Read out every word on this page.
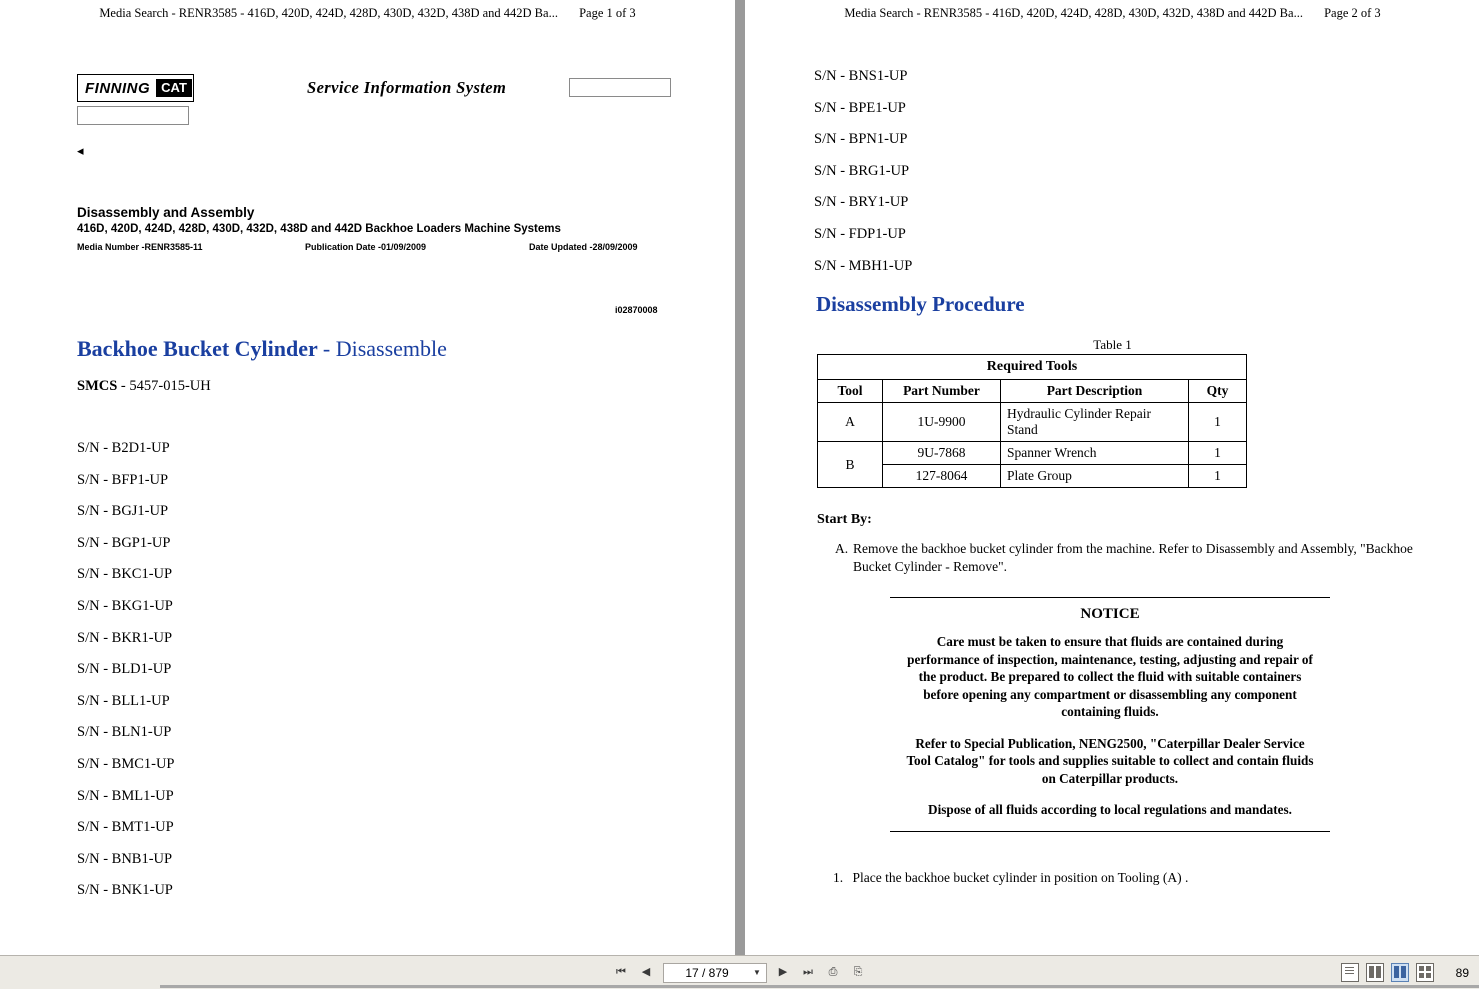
Media Search - RENR3585 - 416D, 420D, 424D, 428D, 430D, 432D, 438D and 442D Ba... Page 1 of 3
FINNING CAT	Service Information System
◂
Disassembly and Assembly
416D, 420D, 424D, 428D, 430D, 432D, 438D and 442D Backhoe Loaders Machine Systems
Media Number -RENR3585-11	Publication Date -01/09/2009	Date Updated -28/09/2009
i02870008
Backhoe Bucket Cylinder - Disassemble
SMCS - 5457-015-UH
S/N - B2D1-UP
S/N - BFP1-UP
S/N - BGJ1-UP
S/N - BGP1-UP
S/N - BKC1-UP
S/N - BKG1-UP
S/N - BKR1-UP
S/N - BLD1-UP
S/N - BLL1-UP
S/N - BLN1-UP
S/N - BMC1-UP
S/N - BML1-UP
S/N - BMT1-UP
S/N - BNB1-UP
S/N - BNK1-UP
Media Search - RENR3585 - 416D, 420D, 424D, 428D, 430D, 432D, 438D and 442D Ba... Page 2 of 3
S/N - BNS1-UP
S/N - BPE1-UP
S/N - BPN1-UP
S/N - BRG1-UP
S/N - BRY1-UP
S/N - FDP1-UP
S/N - MBH1-UP
Disassembly Procedure
Table 1
Required Tools			
Tool	Part Number	Part Description	Qty
A	1U-9900	Hydraulic Cylinder Repair Stand	1
B	9U-7868	Spanner Wrench	1
	127-8064	Plate Group	1
Start By:
A. Remove the backhoe bucket cylinder from the machine. Refer to Disassembly and Assembly, "Backhoe Bucket Cylinder - Remove".
NOTICE
Care must be taken to ensure that fluids are contained during performance of inspection, maintenance, testing, adjusting and repair of the product. Be prepared to collect the fluid with suitable containers before opening any compartment or disassembling any component containing fluids.
Refer to Special Publication, NENG2500, "Caterpillar Dealer Service Tool Catalog" for tools and supplies suitable to collect and contain fluids on Caterpillar products.
Dispose of all fluids according to local regulations and mandates.
1. Place the backhoe bucket cylinder in position on Tooling (A) .
⏮	◀	17 / 879	▼	▶	⏭	⎙	⎘	89
